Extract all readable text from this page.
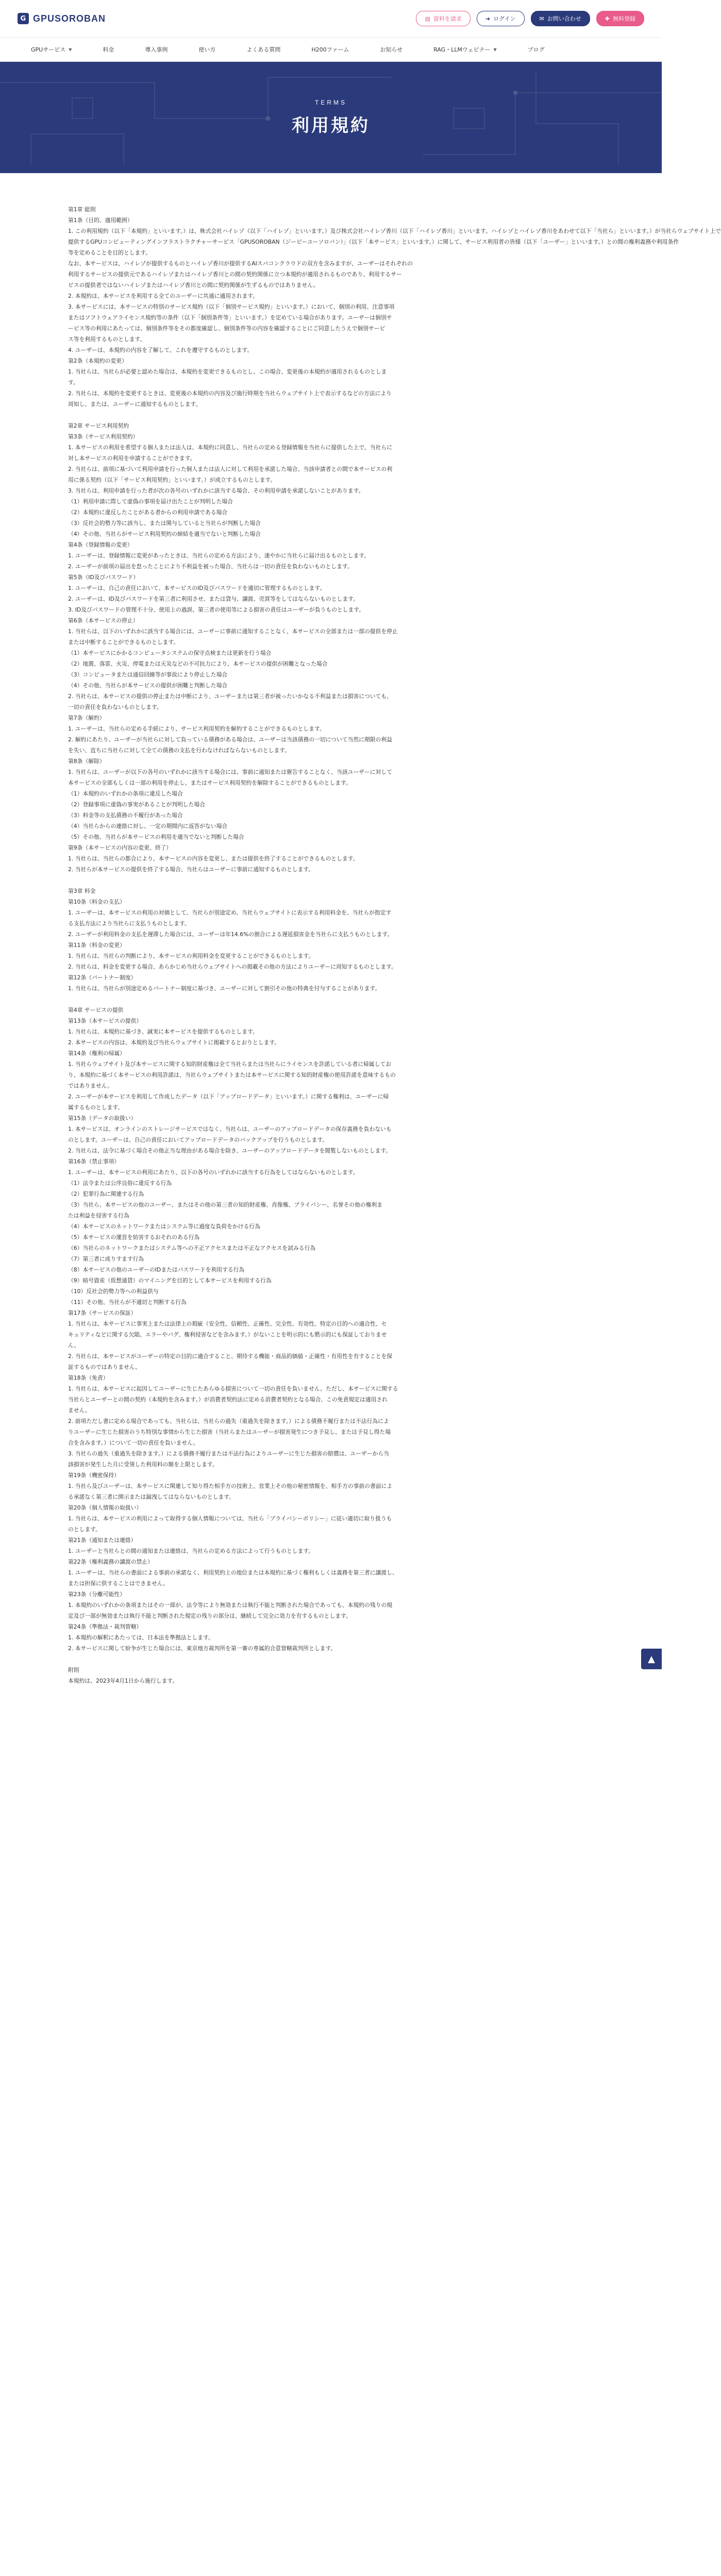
G GPUSOROBAN	▤ 資料を請求	➜ ログイン	✉ お問い合わせ	✚ 無料登録
GPUサービス ▼	料金	導入事例	使い方	よくある質問	H200ファーム	お知らせ	RAG・LLMウェビナー ▼	ブログ
TERMS
利用規約
第1章 総則
第1条（目的、適用範囲）
1. この利用規約（以下「本規約」といいます。）は、株式会社ハイレゾ（以下「ハイレゾ」といいます。）及び株式会社ハイレゾ香川（以下「ハイレゾ香川」といいます。ハイレゾとハイレゾ香川をあわせて以下「当社ら」といいます。）が当社らウェブサイト上で
提供するGPUコンピューティングインフラストラクチャーサービス「GPUSOROBAN（ジーピーユーソロバン）」（以下「本サービス」といいます。）に関して、サービス利用者の皆様（以下「ユーザー」といいます。）との間の権利義務や利用条件
等を定めることを目的とします。
なお、本サービスは、ハイレゾが提供するものとハイレゾ香川が提供するAIスパコンクラウドの双方を含みますが、ユーザーはそれぞれの
利用するサービスの提供元であるハイレゾまたはハイレゾ香川との間の契約関係に立つ本規約が適用されるものであり、利用するサー
ビスの提供者ではないハイレゾまたはハイレゾ香川との間に契約関係が生ずるものではありません。
2. 本規約は、本サービスを利用する全てのユーザーに共通に適用されます。
3. 本サービスには、本サービスの特別のサービス規約（以下「個別サービス規約」といいます。）において、個別の利用、注意事項
またはソフトウェアライセンス規約等の条件（以下「個別条件等」といいます。）を定めている場合があります。ユーザーは個別サ
ービス等の利用にあたっては、個別条件等をその都度確認し、個別条件等の内容を確認することにご同意したうえで個別サービ
ス等を利用するものとします。
4. ユーザーは、本規約の内容を了解して、これを遵守するものとします。
第2条（本規約の変更）
1. 当社らは、当社らが必要と認めた場合は、本規約を変更できるものとし、この場合、変更後の本規約が適用されるものとしま
す。
2. 当社らは、本規約を変更するときは、変更後の本規約の内容及び施行時期を当社らウェブサイト上で表示するなどの方法により
周知し、または、ユーザーに通知するものとします。
第2章 サービス利用契約
第3条（サービス利用契約）
1. 本サービスの利用を希望する個人または法人は、本規約に同意し、当社らの定める登録情報を当社らに提供した上で、当社らに
対し本サービスの利用を申請することができます。
2. 当社らは、前項に基づいて利用申請を行った個人または法人に対して利用を承諾した場合、当該申請者との間で本サービスの利
用に係る契約（以下「サービス利用契約」といいます。）が成立するものとします。
3. 当社らは、利用申請を行った者が次の各号のいずれかに該当する場合、その利用申請を承諾しないことがあります。
（1）利用申請に際して虚偽の事項を届け出たことが判明した場合
（2）本規約に違反したことがある者からの利用申請である場合
（3）反社会的勢力等に該当し、または関与していると当社らが判断した場合
（4）その他、当社らがサービス利用契約の締結を適当でないと判断した場合
第4条（登録情報の変更）
1. ユーザーは、登録情報に変更があったときは、当社らの定める方法により、速やかに当社らに届け出るものとします。
2. ユーザーが前項の届出を怠ったことにより不利益を被った場合、当社らは一切の責任を負わないものとします。
第5条（ID及びパスワード）
1. ユーザーは、自己の責任において、本サービスのID及びパスワードを適切に管理するものとします。
2. ユーザーは、ID及びパスワードを第三者に利用させ、または貸与、譲渡、売買等をしてはならないものとします。
3. ID及びパスワードの管理不十分、使用上の過誤、第三者の使用等による損害の責任はユーザーが負うものとします。
第6条（本サービスの停止）
1. 当社らは、以下のいずれかに該当する場合には、ユーザーに事前に通知することなく、本サービスの全部または一部の提供を停止
または中断することができるものとします。
（1）本サービスにかかるコンピュータシステムの保守点検または更新を行う場合
（2）地震、落雷、火災、停電または天災などの不可抗力により、本サービスの提供が困難となった場合
（3）コンピュータまたは通信回線等が事故により停止した場合
（4）その他、当社らが本サービスの提供が困難と判断した場合
2. 当社らは、本サービスの提供の停止または中断により、ユーザーまたは第三者が被ったいかなる不利益または損害についても、
一切の責任を負わないものとします。
第7条（解約）
1. ユーザーは、当社らの定める手続により、サービス利用契約を解約することができるものとします。
2. 解約にあたり、ユーザーが当社らに対して負っている債務がある場合は、ユーザーは当該債務の一切について当然に期限の利益
を失い、直ちに当社らに対して全ての債務の支払を行わなければならないものとします。
第8条（解除）
1. 当社らは、ユーザーが以下の各号のいずれかに該当する場合には、事前に通知または催告することなく、当該ユーザーに対して
本サービスの全部もしくは一部の利用を停止し、またはサービス利用契約を解除することができるものとします。
（1）本規約のいずれかの条項に違反した場合
（2）登録事項に虚偽の事実があることが判明した場合
（3）料金等の支払債務の不履行があった場合
（4）当社らからの連絡に対し、一定の期間内に返答がない場合
（5）その他、当社らが本サービスの利用を適当でないと判断した場合
第9条（本サービスの内容の変更、終了）
1. 当社らは、当社らの都合により、本サービスの内容を変更し、または提供を終了することができるものとします。
2. 当社らが本サービスの提供を終了する場合、当社らはユーザーに事前に通知するものとします。
第3章 料金
第10条（料金の支払）
1. ユーザーは、本サービスの利用の対価として、当社らが別途定め、当社らウェブサイトに表示する利用料金を、当社らが指定す
る支払方法により当社らに支払うものとします。
2. ユーザーが利用料金の支払を遅滞した場合には、ユーザーは年14.6%の割合による遅延損害金を当社らに支払うものとします。
第11条（料金の変更）
1. 当社らは、当社らの判断により、本サービスの利用料金を変更することができるものとします。
2. 当社らは、料金を変更する場合、あらかじめ当社らウェブサイトへの掲載その他の方法によりユーザーに周知するものとします。
第12条（パートナー制度）
1. 当社らは、当社らが別途定めるパートナー制度に基づき、ユーザーに対して割引その他の特典を付与することがあります。
第4章 サービスの提供
第13条（本サービスの提供）
1. 当社らは、本規約に基づき、誠実に本サービスを提供するものとします。
2. 本サービスの内容は、本規約及び当社らウェブサイトに掲載するとおりとします。
第14条（権利の帰属）
1. 当社らウェブサイト及び本サービスに関する知的財産権は全て当社らまたは当社らにライセンスを許諾している者に帰属してお
り、本規約に基づく本サービスの利用許諾は、当社らウェブサイトまたは本サービスに関する知的財産権の使用許諾を意味するもの
ではありません。
2. ユーザーが本サービスを利用して作成したデータ（以下「アップロードデータ」といいます。）に関する権利は、ユーザーに帰
属するものとします。
第15条（データの取扱い）
1. 本サービスは、オンラインのストレージサービスではなく、当社らは、ユーザーのアップロードデータの保存義務を負わないも
のとします。ユーザーは、自己の責任においてアップロードデータのバックアップを行うものとします。
2. 当社らは、法令に基づく場合その他正当な理由がある場合を除き、ユーザーのアップロードデータを閲覧しないものとします。
第16条（禁止事項）
1. ユーザーは、本サービスの利用にあたり、以下の各号のいずれかに該当する行為をしてはならないものとします。
（1）法令または公序良俗に違反する行為
（2）犯罪行為に関連する行為
（3）当社ら、本サービスの他のユーザー、またはその他の第三者の知的財産権、肖像権、プライバシー、名誉その他の権利ま
たは利益を侵害する行為
（4）本サービスのネットワークまたはシステム等に過度な負荷をかける行為
（5）本サービスの運営を妨害するおそれのある行為
（6）当社らのネットワークまたはシステム等への不正アクセスまたは不正なアクセスを試みる行為
（7）第三者に成りすます行為
（8）本サービスの他のユーザーのIDまたはパスワードを利用する行為
（9）暗号資産（仮想通貨）のマイニングを目的として本サービスを利用する行為
（10）反社会的勢力等への利益供与
（11）その他、当社らが不適切と判断する行為
第17条（サービスの保証）
1. 当社らは、本サービスに事実上または法律上の瑕疵（安全性、信頼性、正確性、完全性、有効性、特定の目的への適合性、セ
キュリティなどに関する欠陥、エラーやバグ、権利侵害などを含みます。）がないことを明示的にも黙示的にも保証しておりませ
ん。
2. 当社らは、本サービスがユーザーの特定の目的に適合すること、期待する機能・商品的価値・正確性・有用性を有することを保
証するものではありません。
第18条（免責）
1. 当社らは、本サービスに起因してユーザーに生じたあらゆる損害について一切の責任を負いません。ただし、本サービスに関する
当社らとユーザーとの間の契約（本規約を含みます。）が消費者契約法に定める消費者契約となる場合、この免責規定は適用され
ません。
2. 前項ただし書に定める場合であっても、当社らは、当社らの過失（重過失を除きます。）による債務不履行または不法行為によ
りユーザーに生じた損害のうち特別な事情から生じた損害（当社らまたはユーザーが損害発生につき予見し、または予見し得た場
合を含みます。）について一切の責任を負いません。
3. 当社らの過失（重過失を除きます。）による債務不履行または不法行為によりユーザーに生じた損害の賠償は、ユーザーから当
該損害が発生した月に受領した利用料の額を上限とします。
第19条（機密保持）
1. 当社ら及びユーザーは、本サービスに関連して知り得た相手方の技術上、営業上その他の秘密情報を、相手方の事前の書面によ
る承諾なく第三者に開示または漏洩してはならないものとします。
第20条（個人情報の取扱い）
1. 当社らは、本サービスの利用によって取得する個人情報については、当社ら「プライバシーポリシー」に従い適切に取り扱うも
のとします。
第21条（通知または連絡）
1. ユーザーと当社らとの間の通知または連絡は、当社らの定める方法によって行うものとします。
第22条（権利義務の譲渡の禁止）
1. ユーザーは、当社らの書面による事前の承諾なく、利用契約上の地位または本規約に基づく権利もしくは義務を第三者に譲渡し、
または担保に供することはできません。
第23条（分離可能性）
1. 本規約のいずれかの条項またはその一部が、法令等により無効または執行不能と判断された場合であっても、本規約の残りの規
定及び一部が無効または執行不能と判断された規定の残りの部分は、継続して完全に効力を有するものとします。
第24条（準拠法・裁判管轄）
1. 本規約の解釈にあたっては、日本法を準拠法とします。
2. 本サービスに関して紛争が生じた場合には、東京地方裁判所を第一審の専属的合意管轄裁判所とします。
附則
本規約は、2023年4月1日から施行します。
▲
